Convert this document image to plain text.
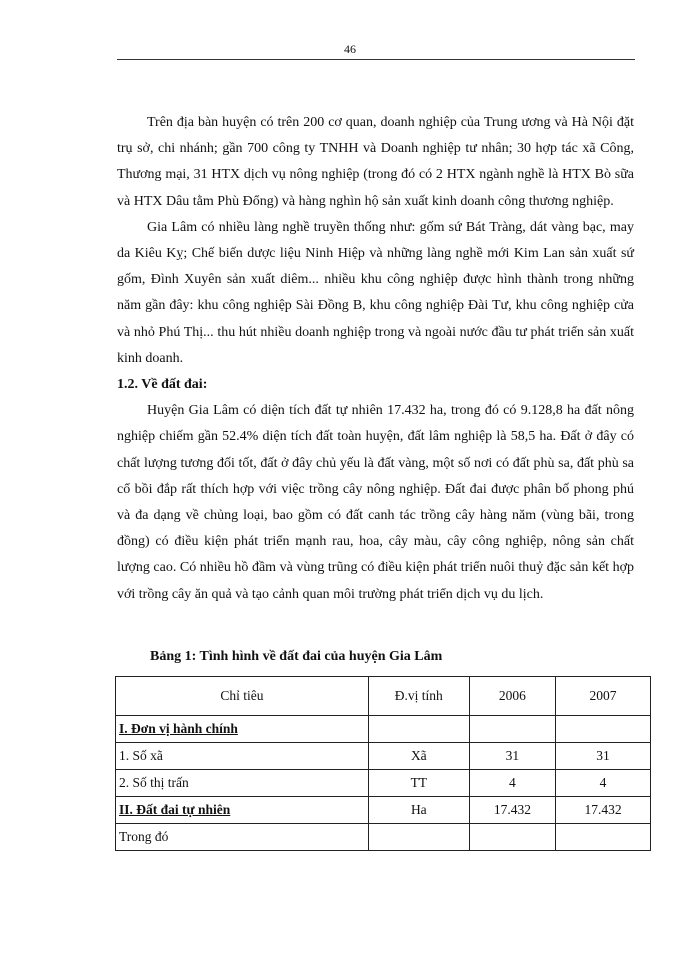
46

Trên địa bàn huyện có trên 200 cơ quan, doanh nghiệp của Trung ương và Hà Nội đặt trụ sở, chi nhánh; gần 700 công ty TNHH và Doanh nghiệp tư nhân; 30 hợp tác xã Công, Thương mại, 31 HTX dịch vụ nông nghiệp (trong đó có 2 HTX ngành nghề là HTX Bò sữa và HTX Dâu tằm Phù Đổng) và hàng nghìn hộ sản xuất kinh doanh công thương nghiệp.

Gia Lâm có nhiều làng nghề truyền thống như: gốm sứ Bát Tràng, dát vàng bạc, may da Kiêu Kỵ; Chế biến dược liệu Ninh Hiệp và những làng nghề mới Kim Lan sản xuất sứ gốm, Đình Xuyên sản xuất diêm... nhiều khu công nghiệp được hình thành trong những năm gần đây: khu công nghiệp Sài Đồng B, khu công nghiệp Đài Tư, khu công nghiệp cửa và nhỏ Phú Thị... thu hút nhiều doanh nghiệp trong và ngoài nước đầu tư phát triển sản xuất kinh doanh.

1.2. Về đất đai:

Huyện Gia Lâm có diện tích đất tự nhiên 17.432 ha, trong đó có 9.128,8 ha đất nông nghiệp chiếm gần 52.4% diện tích đất toàn huyện, đất lâm nghiệp là 58,5 ha. Đất ở đây có chất lượng tương đối tốt, đất ở đây chủ yếu là đất vàng, một số nơi có đất phù sa, đất phù sa cổ bồi đắp rất thích hợp với việc trồng cây nông nghiệp. Đất đai được phân bố phong phú và đa dạng về chủng loại, bao gồm có đất canh tác trồng cây hàng năm (vùng bãi, trong đồng) có điều kiện phát triển mạnh rau, hoa, cây màu, cây công nghiệp, nông sản chất lượng cao. Có nhiều hồ đầm và vùng trũng có điều kiện phát triển nuôi thuỷ đặc sản kết hợp với trồng cây ăn quả và tạo cảnh quan môi trường phát triển dịch vụ du lịch.

Bảng 1: Tình hình về đất đai của huyện Gia Lâm
Chỉ tiêu	Đ.vị tính	2006	2007
I. Đơn vị hành chính			
1. Số xã	Xã	31	31
2. Số thị trấn	TT	4	4
II. Đất đai tự nhiên	Ha	17.432	17.432
Trong đó			
